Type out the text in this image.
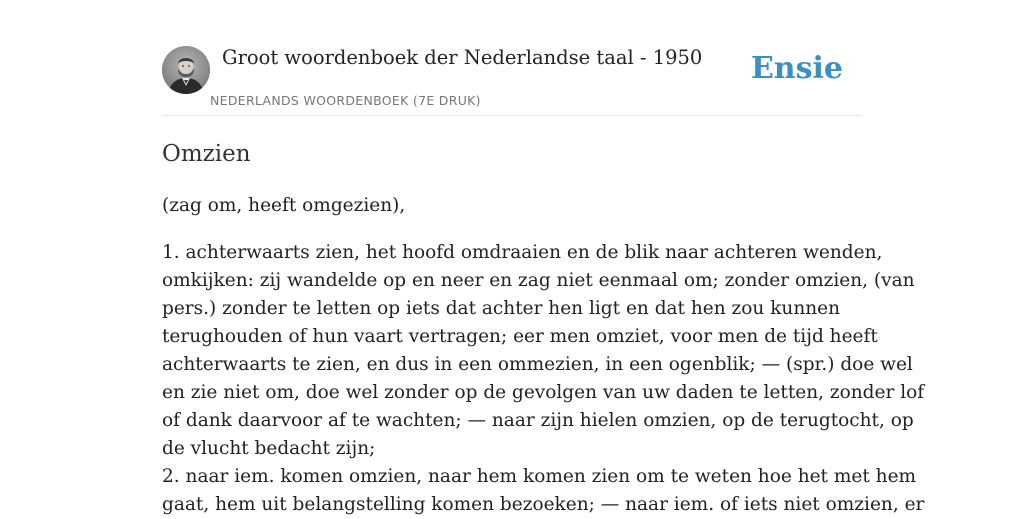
Groot woordenboek der Nederlandse taal - 1950
NEDERLANDS WOORDENBOEK (7E DRUK)
Ensie
Omzien

(zag om, heeft omgezien),

1. achterwaarts zien, het hoofd omdraaien en de blik naar achteren wenden,
omkijken: zij wandelde op en neer en zag niet eenmaal om; zonder omzien, (van
pers.) zonder te letten op iets dat achter hen ligt en dat hen zou kunnen
terughouden of hun vaart vertragen; eer men omziet, voor men de tijd heeft
achterwaarts te zien, en dus in een ommezien, in een ogenblik; — (spr.) doe wel
en zie niet om, doe wel zonder op de gevolgen van uw daden te letten, zonder lof
of dank daarvoor af te wachten; — naar zijn hielen omzien, op de terugtocht, op
de vlucht bedacht zijn;
2. naar iem. komen omzien, naar hem komen zien om te weten hoe het met hem
gaat, hem uit belangstelling komen bezoeken; — naar iem. of iets niet omzien, er
